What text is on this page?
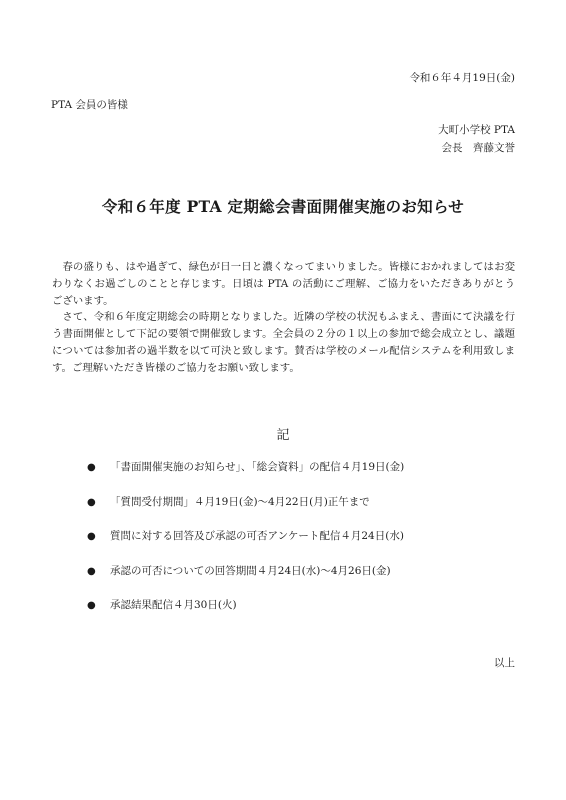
令和６年４月19日(金)
PTA 会員の皆様
大町小学校 PTA
会長　齊藤文誉
令和６年度 PTA 定期総会書面開催実施のお知らせ

春の盛りも、はや過ぎて、緑色が日一日と濃くなってまいりました。皆様におかれましてはお変わりなくお過ごしのことと存じます。日頃は PTA の活動にご理解、ご協力をいただきありがとうございます。

さて、令和６年度定期総会の時期となりました。近隣の学校の状況もふまえ、書面にて決議を行う書面開催として下記の要領で開催致します。全会員の２分の１以上の参加で総会成立とし、議題については参加者の過半数を以て可決と致します。賛否は学校のメール配信システムを利用致します。ご理解いただき皆様のご協力をお願い致します。

記
● 「書面開催実施のお知らせ」、「総会資料」の配信４月19日(金)
● 「質問受付期間」４月19日(金)〜4月22日(月)正午まで
● 質問に対する回答及び承認の可否アンケート配信４月24日(水)
● 承認の可否についての回答期間４月24日(水)〜4月26日(金)
● 承認結果配信４月30日(火)
以上
